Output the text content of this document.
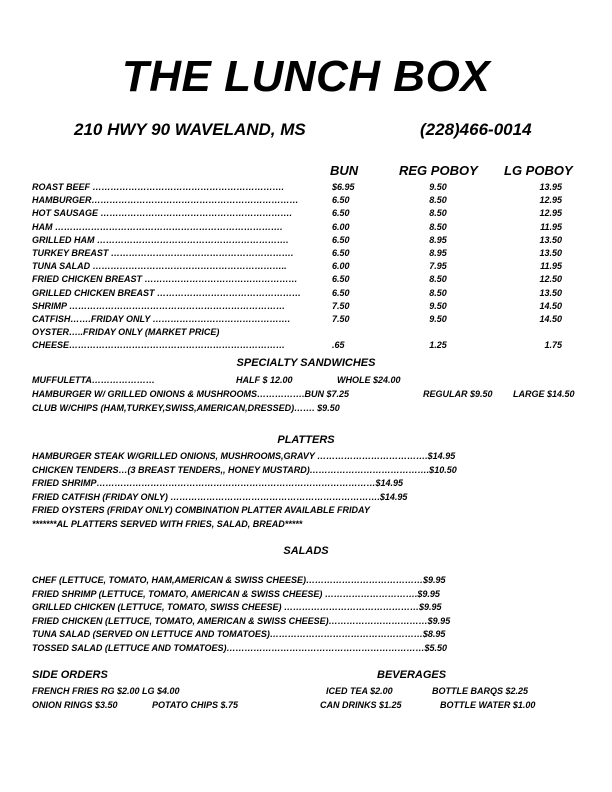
THE LUNCH BOX
210 HWY 90 WAVELAND, MS	(228)466-0014
BUN	REG POBOY LG POBOY
ROAST BEEF ……………………………………………………….	$6.95	9.50	13.95
HAMBURGER……………………………………………………………	6.50	8.50	12.95
HOT SAUSAGE ……………………………………………………….	6.50	8.50	12.95
HAM ………………………………………………………………….	6.00	8.50	11.95
GRILLED HAM ……………………………………………………….	6.50	8.95	13.50
TURKEY BREAST …………………………………………………….	6.50	8.95	13.50
TUNA SALAD ………………………………………………………..	6.00	7.95	11.95
FRIED CHICKEN BREAST ……………………………………………	6.50	8.50	12.50
GRILLED CHICKEN BREAST …………………………………………	6.50	8.50	13.50
SHRIMP ………………………………………………………………	7.50	9.50	14.50
CATFISH…….FRIDAY ONLY ……………………………………….	7.50	9.50	14.50
OYSTER…..FRIDAY ONLY (MARKET PRICE)
CHEESE………………………………………………………………	.65	1.25	1.75
SPECIALTY SANDWICHES
MUFFULETTA…………………	HALF $ 12.00	WHOLE $24.00
HAMBURGER W/ GRILLED ONIONS & MUSHROOMS…………….BUN $7.25	REGULAR $9.50 LARGE $14.50
CLUB W/CHIPS (HAM,TURKEY,SWISS,AMERICAN,DRESSED)……. $9.50
PLATTERS
HAMBURGER STEAK W/GRILLED ONIONS, MUSHROOMS,GRAVY ……………………………….$14.95
CHICKEN TENDERS…(3 BREAST TENDERS,, HONEY MUSTARD)………………………………….$10.50
FRIED SHRIMP…………………………………………………………………………………$14.95
FRIED CATFISH (FRIDAY ONLY) …………………………………………………………….$14.95
FRIED OYSTERS (FRIDAY ONLY) COMBINATION PLATTER AVAILABLE FRIDAY
*******AL PLATTERS SERVED WITH FRIES, SALAD, BREAD*****
SALADS
CHEF (LETTUCE, TOMATO, HAM,AMERICAN & SWISS CHEESE)…………………………………$9.95
FRIED SHRIMP (LETTUCE, TOMATO, AMERICAN & SWISS CHEESE) ………………………….$9.95
GRILLED CHICKEN (LETTUCE, TOMATO, SWISS CHEESE) ………………………………………$9.95
FRIED CHICKEN (LETTUCE, TOMATO, AMERICAN & SWISS CHEESE)……………………………$9.95
TUNA SALAD (SERVED ON LETTUCE AND TOMATOES)……………………………………………$8.95
TOSSED SALAD (LETTUCE AND TOMATOES)…………………………………………………………$5.50
SIDE ORDERS
FRENCH FRIES RG $2.00 LG $4.00
ONION RINGS $3.50	POTATO CHIPS $.75
BEVERAGES
ICED TEA $2.00	BOTTLE BARQS $2.25
CAN DRINKS $1.25	BOTTLE WATER $1.00
